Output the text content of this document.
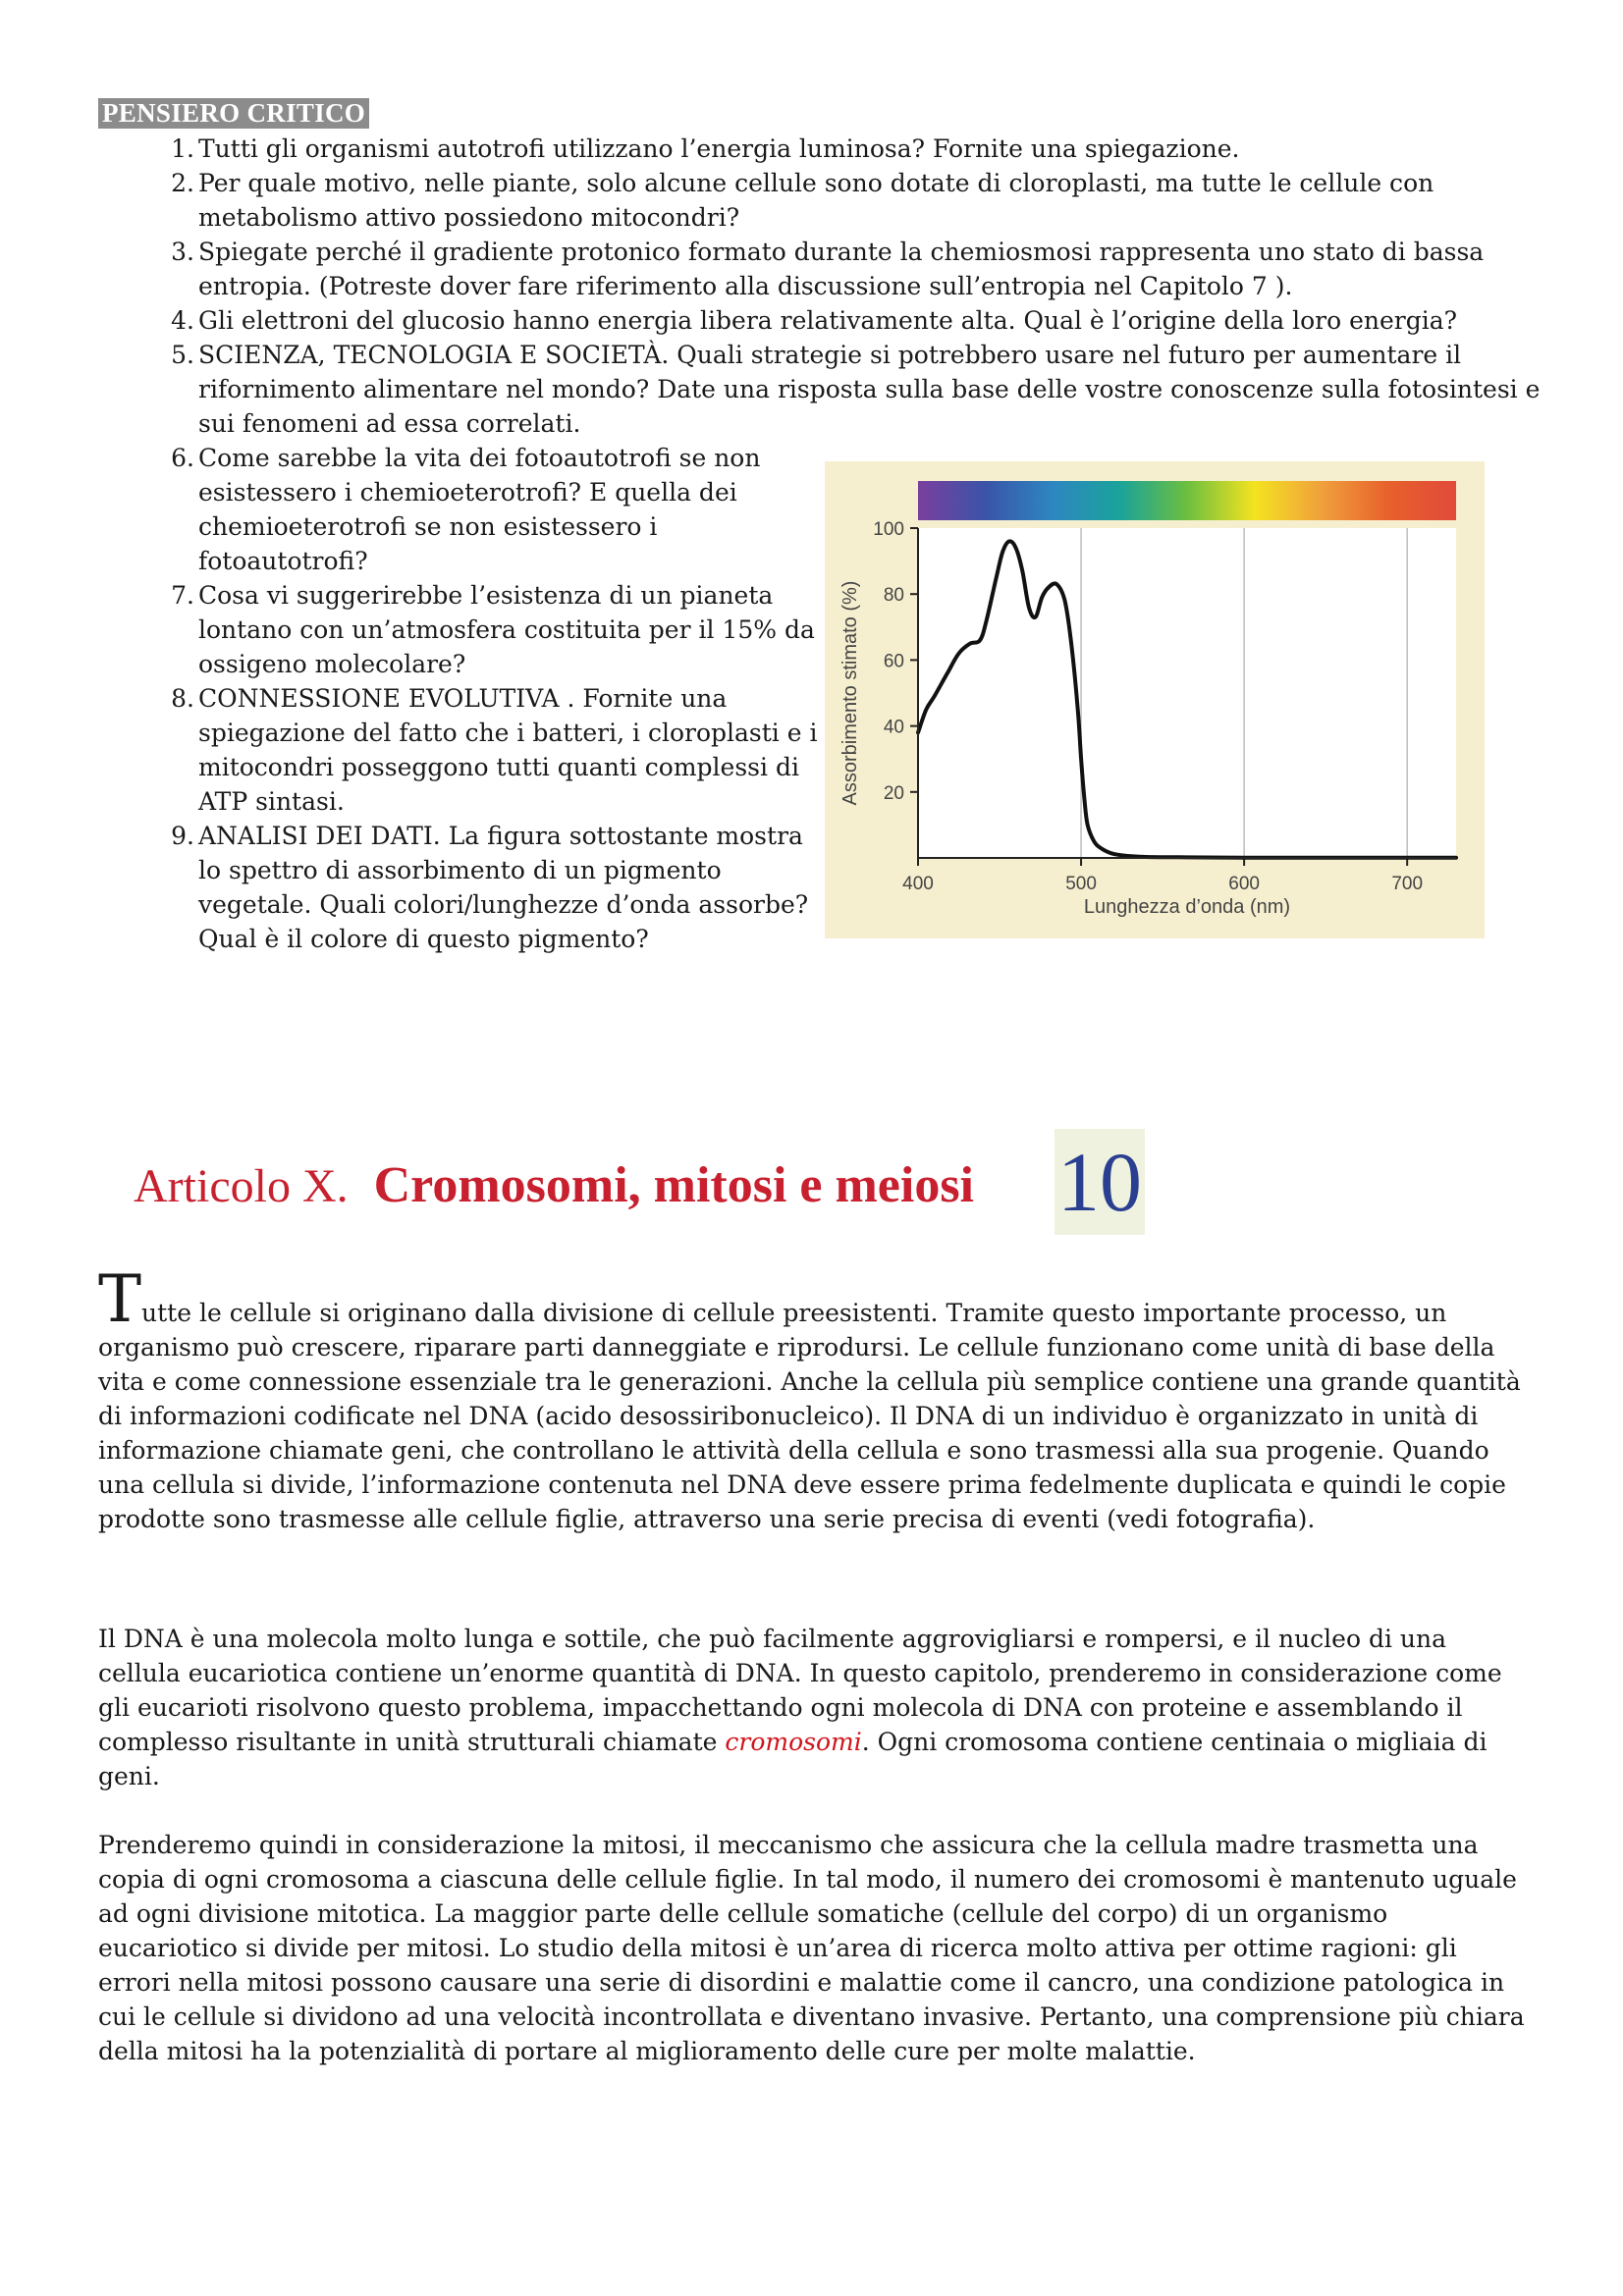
PENSIERO CRITICO
1. Tutti gli organismi autotrofi utilizzano l’energia luminosa? Fornite una spiegazione.
2. Per quale motivo, nelle piante, solo alcune cellule sono dotate di cloroplasti, ma tutte le cellule con metabolismo attivo possiedono mitocondri?
3. Spiegate perché il gradiente protonico formato durante la chemiosmosi rappresenta uno stato di bassa entropia. (Potreste dover fare riferimento alla discussione sull’entropia nel Capitolo 7 ).
4. Gli elettroni del glucosio hanno energia libera relativamente alta. Qual è l’origine della loro energia?
5. SCIENZA, TECNOLOGIA E SOCIETÀ. Quali strategie si potrebbero usare nel futuro per aumentare il rifornimento alimentare nel mondo? Date una risposta sulla base delle vostre conoscenze sulla fotosintesi e sui fenomeni ad essa correlati.
6. Come sarebbe la vita dei fotoautotrofi se non esistessero i chemioeterotrofi? E quella dei chemioeterotrofi se non esistessero i fotoautotrofi?
7. Cosa vi suggerirebbe l’esistenza di un pianeta lontano con un’atmosfera costituita per il 15% da ossigeno molecolare?
8. CONNESSIONE EVOLUTIVA . Fornite una spiegazione del fatto che i batteri, i cloroplasti e i mitocondri posseggono tutti quanti complessi di ATP sintasi.
9. ANALISI DEI DATI. La figura sottostante mostra lo spettro di assorbimento di un pigmento vegetale. Quali colori/lunghezze d’onda assorbe? Qual è il colore di questo pigmento?
20
40
60
80
100
400	500	600	700
Lunghezza d’onda (nm)
Assorbimento stimato (%)
Articolo X. Cromosomi, mitosi e meiosi 10

Tutte le cellule si originano dalla divisione di cellule preesistenti. Tramite questo importante processo, un organismo può crescere, riparare parti danneggiate e riprodursi. Le cellule funzionano come unità di base della vita e come connessione essenziale tra le generazioni. Anche la cellula più semplice contiene una grande quantità di informazioni codificate nel DNA (acido desossiribonucleico). Il DNA di un individuo è organizzato in unità di informazione chiamate geni, che controllano le attività della cellula e sono trasmessi alla sua progenie. Quando una cellula si divide, l’informazione contenuta nel DNA deve essere prima fedelmente duplicata e quindi le copie prodotte sono trasmesse alle cellule figlie, attraverso una serie precisa di eventi (vedi fotografia).

Il DNA è una molecola molto lunga e sottile, che può facilmente aggrovigliarsi e rompersi, e il nucleo di una cellula eucariotica contiene un’enorme quantità di DNA. In questo capitolo, prenderemo in considerazione come gli eucarioti risolvono questo problema, impacchettando ogni molecola di DNA con proteine e assemblando il complesso risultante in unità strutturali chiamate cromosomi. Ogni cromosoma contiene centinaia o migliaia di geni.

Prenderemo quindi in considerazione la mitosi, il meccanismo che assicura che la cellula madre trasmetta una copia di ogni cromosoma a ciascuna delle cellule figlie. In tal modo, il numero dei cromosomi è mantenuto uguale ad ogni divisione mitotica. La maggior parte delle cellule somatiche (cellule del corpo) di un organismo eucariotico si divide per mitosi. Lo studio della mitosi è un’area di ricerca molto attiva per ottime ragioni: gli errori nella mitosi possono causare una serie di disordini e malattie come il cancro, una condizione patologica in cui le cellule si dividono ad una velocità incontrollata e diventano invasive. Pertanto, una comprensione più chiara della mitosi ha la potenzialità di portare al miglioramento delle cure per molte malattie.
